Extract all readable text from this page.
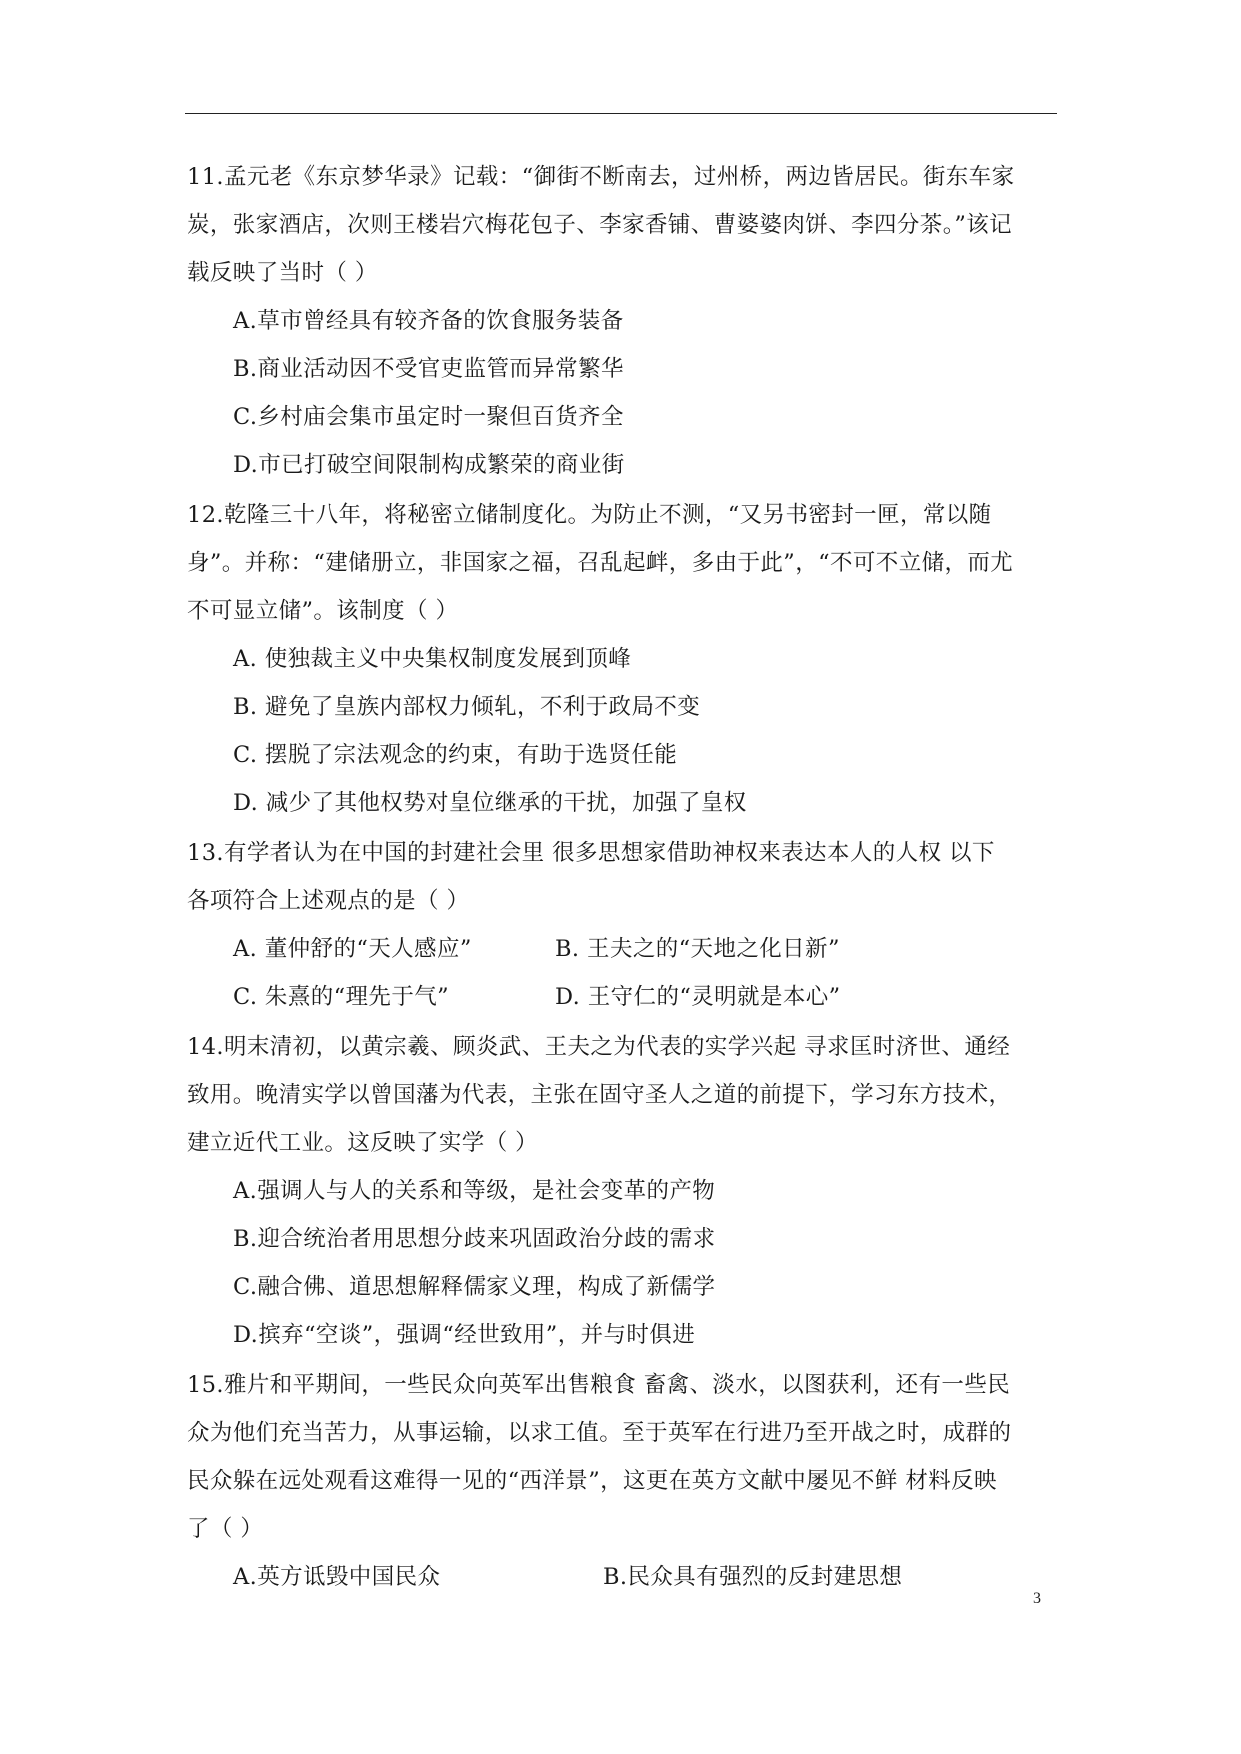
11.孟元老《东京梦华录》记载：“御街不断南去，过州桥，两边皆居民。街东车家
炭，张家酒店，次则王楼岩穴梅花包子、李家香铺、曹婆婆肉饼、李四分茶。”该记
载反映了当时（ ）
A.草市曾经具有较齐备的饮食服务装备
B.商业活动因不受官吏监管而异常繁华
C.乡村庙会集市虽定时一聚但百货齐全
D.市已打破空间限制构成繁荣的商业街
12.乾隆三十八年，将秘密立储制度化。为防止不测，“又另书密封一匣，常以随
身”。并称：“建储册立，非国家之福，召乱起衅，多由于此”，“不可不立储，而尤
不可显立储”。该制度（ ）
A. 使独裁主义中央集权制度发展到顶峰
B. 避免了皇族内部权力倾轧，不利于政局不变
C. 摆脱了宗法观念的约束，有助于选贤任能
D. 减少了其他权势对皇位继承的干扰，加强了皇权
13.有学者认为在中国的封建社会里 很多思想家借助神权来表达本人的人权 以下
各项符合上述观点的是（ ）
A. 董仲舒的“天人感应”	B. 王夫之的“天地之化日新”
C. 朱熹的“理先于气”	D. 王守仁的“灵明就是本心”
14.明末清初，以黄宗羲、顾炎武、王夫之为代表的实学兴起 寻求匡时济世、通经
致用。晚清实学以曾国藩为代表，主张在固守圣人之道的前提下，学习东方技术，
建立近代工业。这反映了实学（ ）
A.强调人与人的关系和等级，是社会变革的产物
B.迎合统治者用思想分歧来巩固政治分歧的需求
C.融合佛、道思想解释儒家义理，构成了新儒学
D.摈弃“空谈”，强调“经世致用”，并与时俱进
15.雅片和平期间，一些民众向英军出售粮食 畜禽、淡水，以图获利，还有一些民
众为他们充当苦力，从事运输，以求工值。至于英军在行进乃至开战之时，成群的
民众躲在远处观看这难得一见的“西洋景”，这更在英方文献中屡见不鲜 材料反映
了（ ）
A.英方诋毁中国民众	B.民众具有强烈的反封建思想
3
